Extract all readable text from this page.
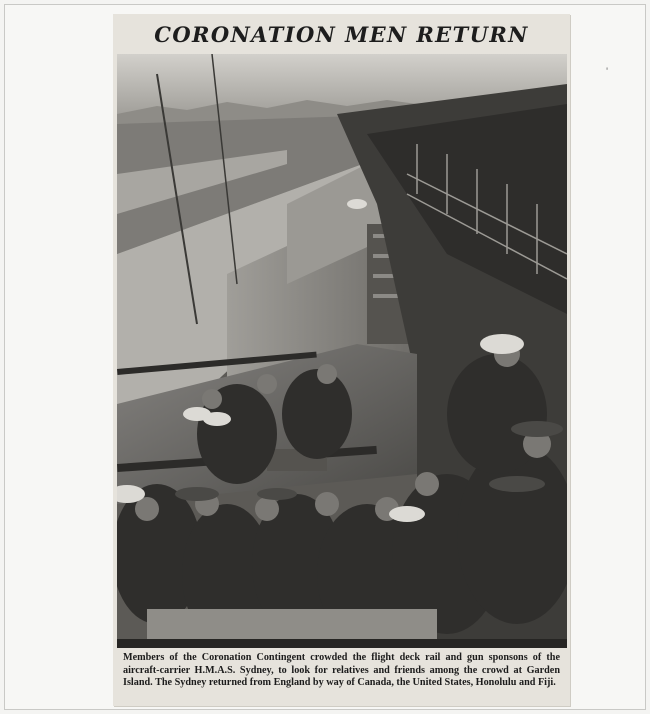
CORONATION MEN RETURN
Members of the Coronation Contingent crowded the flight deck rail and gun sponsons of the aircraft-carrier H.M.A.S. Sydney, to look for relatives and friends among the crowd at Garden Island. The Sydney returned from England by way of Canada, the United States, Honolulu and Fiji.
'
